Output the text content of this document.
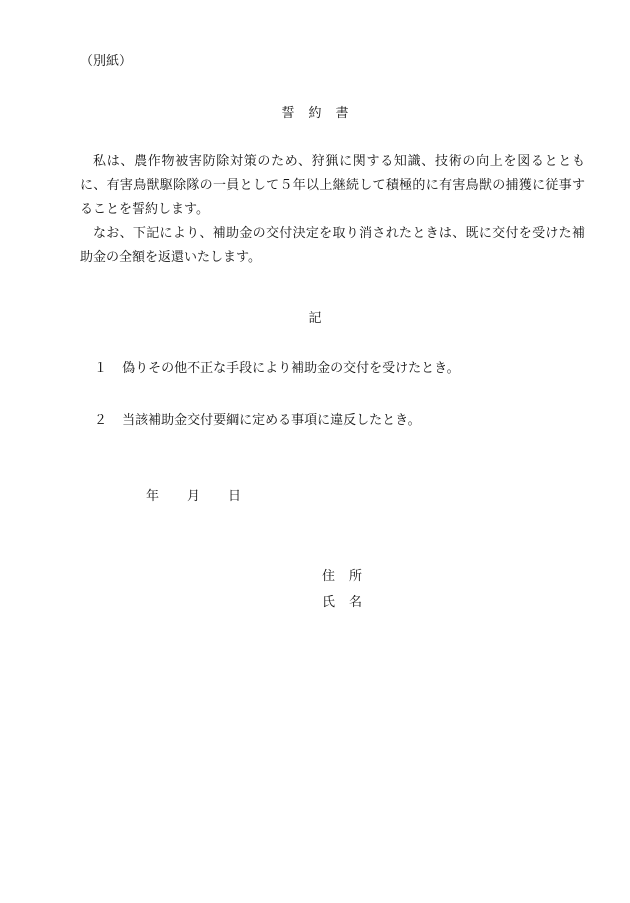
（別紙）
誓約書

私は、農作物被害防除対策のため、狩猟に関する知識、技術の向上を図るとともに、有害鳥獣駆除隊の一員として５年以上継続して積極的に有害鳥獣の捕獲に従事することを誓約します。

なお、下記により、補助金の交付決定を取り消されたときは、既に交付を受けた補助金の全額を返還いたします。

記
１ 偽りその他不正な手段により補助金の交付を受けたとき。
２ 当該補助金交付要綱に定める事項に違反したとき。
年 月 日
住所
氏名
